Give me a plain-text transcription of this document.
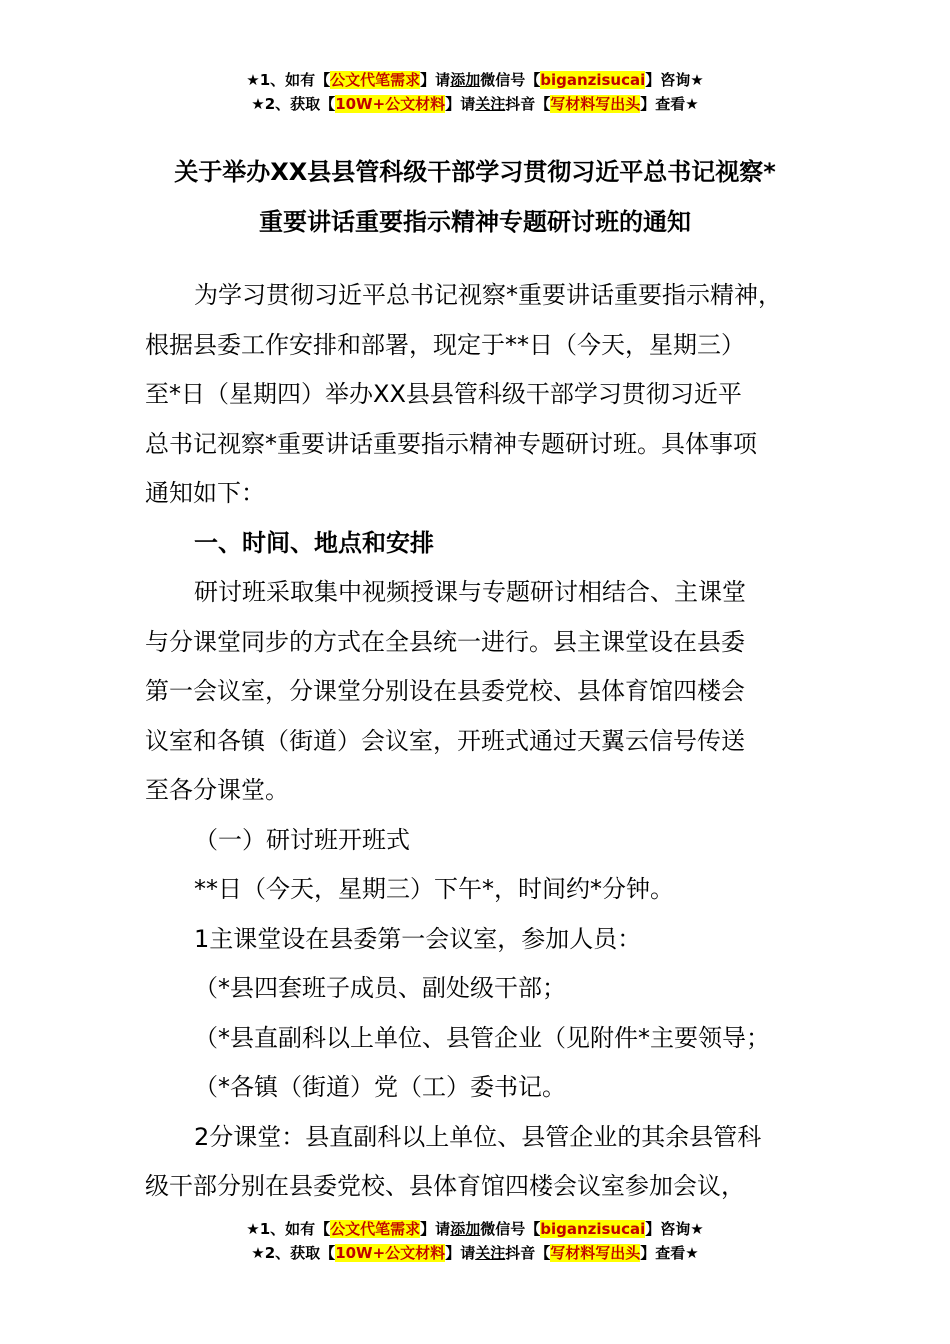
★1、如有【公文代笔需求】请添加微信号【biganzisucai】咨询★
★2、获取【10W+公文材料】请关注抖音【写材料写出头】查看★
关于举办XX县县管科级干部学习贯彻习近平总书记视察*
重要讲话重要指示精神专题研讨班的通知

为学习贯彻习近平总书记视察*重要讲话重要指示精神，

根据县委工作安排和部署，现定于**日（今天，星期三）

至*日（星期四）举办XX县县管科级干部学习贯彻习近平

总书记视察*重要讲话重要指示精神专题研讨班。具体事项

通知如下：

一、时间、地点和安排

研讨班采取集中视频授课与专题研讨相结合、主课堂

与分课堂同步的方式在全县统一进行。县主课堂设在县委

第一会议室，分课堂分别设在县委党校、县体育馆四楼会

议室和各镇（街道）会议室，开班式通过天翼云信号传送

至各分课堂。

（一）研讨班开班式

**日（今天，星期三）下午*，时间约*分钟。

1主课堂设在县委第一会议室，参加人员：

（*县四套班子成员、副处级干部；

（*县直副科以上单位、县管企业（见附件*主要领导；

（*各镇（街道）党（工）委书记。

2分课堂：县直副科以上单位、县管企业的其余县管科

级干部分别在县委党校、县体育馆四楼会议室参加会议，

★1、如有【公文代笔需求】请添加微信号【biganzisucai】咨询★
★2、获取【10W+公文材料】请关注抖音【写材料写出头】查看★
